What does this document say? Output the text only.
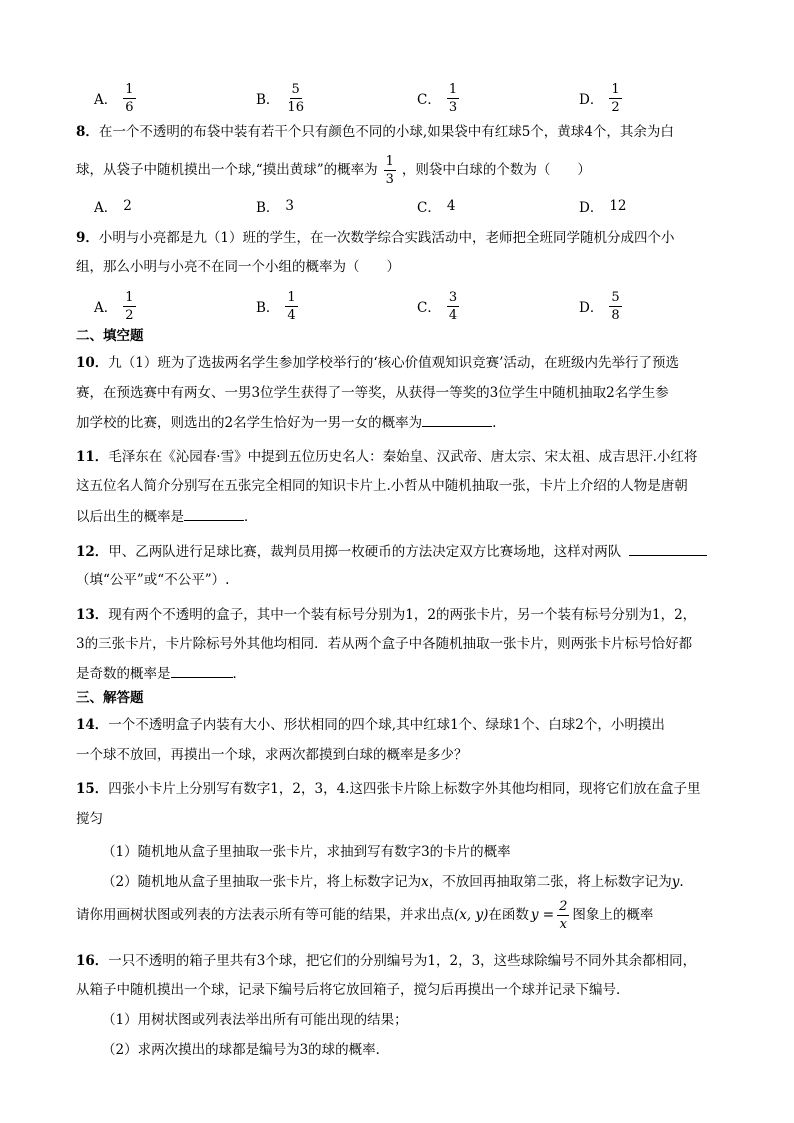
A． $\frac{1}{6}$	B． $\frac{5}{16}$	C． $\frac{1}{3}$	D． $\frac{1}{2}$
8．在一个不透明的布袋中装有若干个只有颜色不同的小球,如果袋中有红球5个，黄球4个，其余为白
球，从袋子中随机摸出一个球,“摸出黄球”的概率为 $\frac{1}{3}$ ，则袋中白球的个数为（　　）
A． 2	B． 3	C． 4	D． 12
9．小明与小亮都是九（1）班的学生，在一次数学综合实践活动中，老师把全班同学随机分成四个小
组，那么小明与小亮不在同一个小组的概率为（　　）
A． $\frac{1}{2}$	B． $\frac{1}{4}$	C． $\frac{3}{4}$	D． $\frac{5}{8}$
二、填空题
10．九（1）班为了选拔两名学生参加学校举行的‘核心价值观知识竞赛’活动，在班级内先举行了预选
赛，在预选赛中有两女、一男3位学生获得了一等奖，从获得一等奖的3位学生中随机抽取2名学生参
加学校的比赛，则选出的2名学生恰好为一男一女的概率为	.
11．毛泽东在《沁园春·雪》中提到五位历史名人：秦始皇、汉武帝、唐太宗、宋太祖、成吉思汗.小红将
这五位名人简介分别写在五张完全相同的知识卡片上.小哲从中随机抽取一张，卡片上介绍的人物是唐朝
以后出生的概率是	．
12．甲、乙两队进行足球比赛，裁判员用掷一枚硬币的方法决定双方比赛场地，这样对两队
（填“公平”或“不公平”）.
13．现有两个不透明的盒子，其中一个装有标号分别为1，2的两张卡片，另一个装有标号分别为1，2，
3的三张卡片，卡片除标号外其他均相同．若从两个盒子中各随机抽取一张卡片，则两张卡片标号恰好都
是奇数的概率是	．
三、解答题
14．一个不透明盒子内装有大小、形状相同的四个球,其中红球1个、绿球1个、白球2个，小明摸出
一个球不放回，再摸出一个球，求两次都摸到白球的概率是多少？
15．四张小卡片上分别写有数字1，2，3，4.这四张卡片除上标数字外其他均相同，现将它们放在盒子里
搅匀
（1）随机地从盒子里抽取一张卡片，求抽到写有数字3的卡片的概率
（2）随机地从盒子里抽取一张卡片，将上标数字记为x，不放回再抽取第二张，将上标数字记为y.
请你用画树状图或列表的方法表示所有等可能的结果，并求出点 (x, y) 在函数 $y = \frac{2}{x}$ 图象上的概率
16．一只不透明的箱子里共有3个球，把它们的分别编号为1，2，3，这些球除编号不同外其余都相同，
从箱子中随机摸出一个球，记录下编号后将它放回箱子，搅匀后再摸出一个球并记录下编号．
（1）用树状图或列表法举出所有可能出现的结果；
（2）求两次摸出的球都是编号为3的球的概率．
